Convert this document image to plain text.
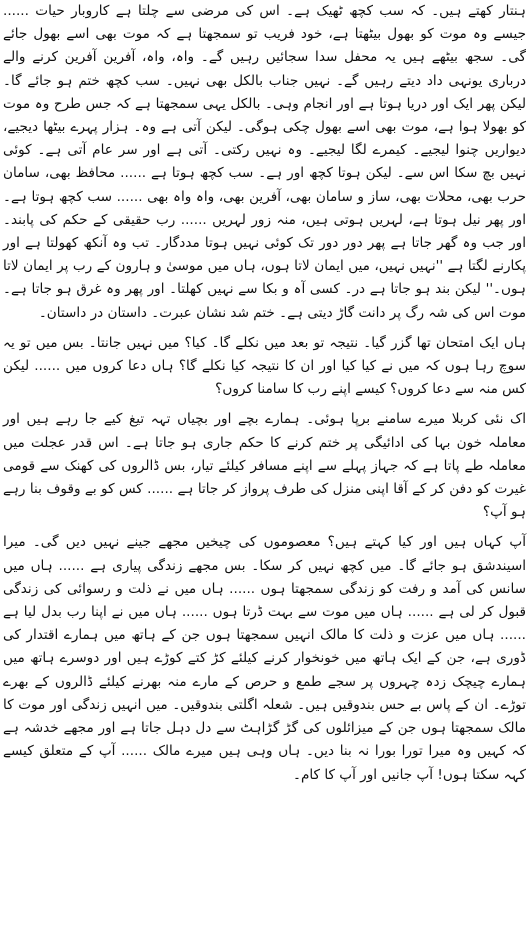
ہنتار کھتے ہیں۔ کہ سب کچھ ٹھیک ہے۔ اس کی مرضی سے چلتا ہے کاروبار حیات ...... جیسے وہ موت کو بھول بیٹھتا ہے، خود فریب تو سمجھتا ہے کہ موت بھی اسے بھول جائے گی۔ سجھ بیٹھے ہیں یہ محفل سدا سجائیں رہیں گے۔ واہ، واہ، آفرین آفرین کرنے والے درباری یونہی داد دیتے رہیں گے۔ نہیں جناب بالکل بھی نہیں۔ سب کچھ ختم ہو جائے گا۔ لیکن پھر ایک اور دریا ہوتا ہے اور انجام وہی۔ بالکل یہی سمجھتا ہے کہ جس طرح وہ موت کو بھولا ہوا ہے، موت بھی اسے بھول چکی ہوگی۔ لیکن آتی ہے وہ۔ ہزار پہرے بیٹھا دیجیے، دیواریں چنوا لیجیے۔ کیمرے لگا لیجیے۔ وہ نہیں رکتی۔ آتی ہے اور سر عام آتی ہے۔ کوئی نہیں بچ سکا اس سے۔ لیکن ہوتا کچھ اور ہے۔ سب کچھ ہوتا ہے ...... محافظ بھی، سامان حرب بھی، محلات بھی، ساز و سامان بھی، آفرین بھی، واہ واہ بھی ...... سب کچھ ہوتا ہے۔ اور پھر نیل ہوتا ہے، لہریں ہوتی ہیں، منہ زور لہریں ...... رب حقیقی کے حکم کی پابند۔ اور جب وہ گھر جاتا ہے پھر دور دور تک کوئی نہیں ہوتا مددگار۔ تب وہ آنکھ کھولتا ہے اور پکارنے لگتا ہے ''نہیں نہیں، میں ایمان لاتا ہوں، ہاں میں موسیٰ و ہارون کے رب پر ایمان لاتا ہوں۔'' لیکن بند ہو جاتا ہے در۔ کسی آہ و بکا سے نہیں کھلتا۔ اور پھر وہ غرق ہو جاتا ہے۔ موت اس کی شہ رگ پر دانت گاڑ دیتی ہے۔ ختم شد نشان عبرت۔ داستان در داستان۔

ہاں ایک امتحان تھا گزر گیا۔ نتیجہ تو بعد میں نکلے گا۔ کیا؟ میں نہیں جانتا۔ بس میں تو یہ سوچ رہا ہوں کہ میں نے کیا کیا اور ان کا نتیجہ کیا نکلے گا؟ ہاں دعا کروں میں ...... لیکن کس منہ سے دعا کروں؟ کیسے اپنے رب کا سامنا کروں؟

اک نئی کربلا میرے سامنے برپا ہوئی۔ ہمارے بچے اور بچیاں تہہ تیغ کیے جا رہے ہیں اور معاملہ خون بہا کی ادائیگی پر ختم کرنے کا حکم جاری ہو جاتا ہے۔ اس قدر عجلت میں معاملہ طے پاتا ہے کہ جہاز پہلے سے اپنے مسافر کیلئے تیار، بس ڈالروں کی کھنک سے قومی غیرت کو دفن کر کے آقا اپنی منزل کی طرف پرواز کر جاتا ہے ...... کس کو بے وقوف بنا رہے ہو آپ؟

آپ کہاں ہیں اور کیا کہتے ہیں؟ معصوموں کی چیخیں مجھے جینے نہیں دیں گی۔ میرا اسیندشق ہو جائے گا۔ میں کچھ نہیں کر سکا۔ بس مجھے زندگی پیاری ہے ...... ہاں میں سانس کی آمد و رفت کو زندگی سمجھتا ہوں ...... ہاں میں نے ذلت و رسوائی کی زندگی قبول کر لی ہے ...... ہاں میں موت سے بہت ڈرتا ہوں ...... ہاں میں نے اپنا رب بدل لیا ہے ...... ہاں میں عزت و ذلت کا مالک انہیں سمجھتا ہوں جن کے ہاتھ میں ہمارے اقتدار کی ڈوری ہے، جن کے ایک ہاتھ میں خونخوار کرنے کیلئے کڑ کتے کوڑے ہیں اور دوسرے ہاتھ میں ہمارے چیچک زدہ چہروں پر سجے طمع و حرص کے مارے منہ بھرنے کیلئے ڈالروں کے بھرے توڑے۔ ان کے پاس بے حس بندوقیں ہیں۔ شعلہ اگلتی بندوقیں۔ میں انہیں زندگی اور موت کا مالک سمجھتا ہوں جن کے میزائلوں کی گڑ گڑاہٹ سے دل دہل جاتا ہے اور مجھے خدشہ ہے کہ کہیں وہ میرا تورا بورا نہ بنا دیں۔ ہاں وہی ہیں میرے مالک ...... آپ کے متعلق کیسے کہہ سکتا ہوں! آپ جانیں اور آپ کا کام۔
